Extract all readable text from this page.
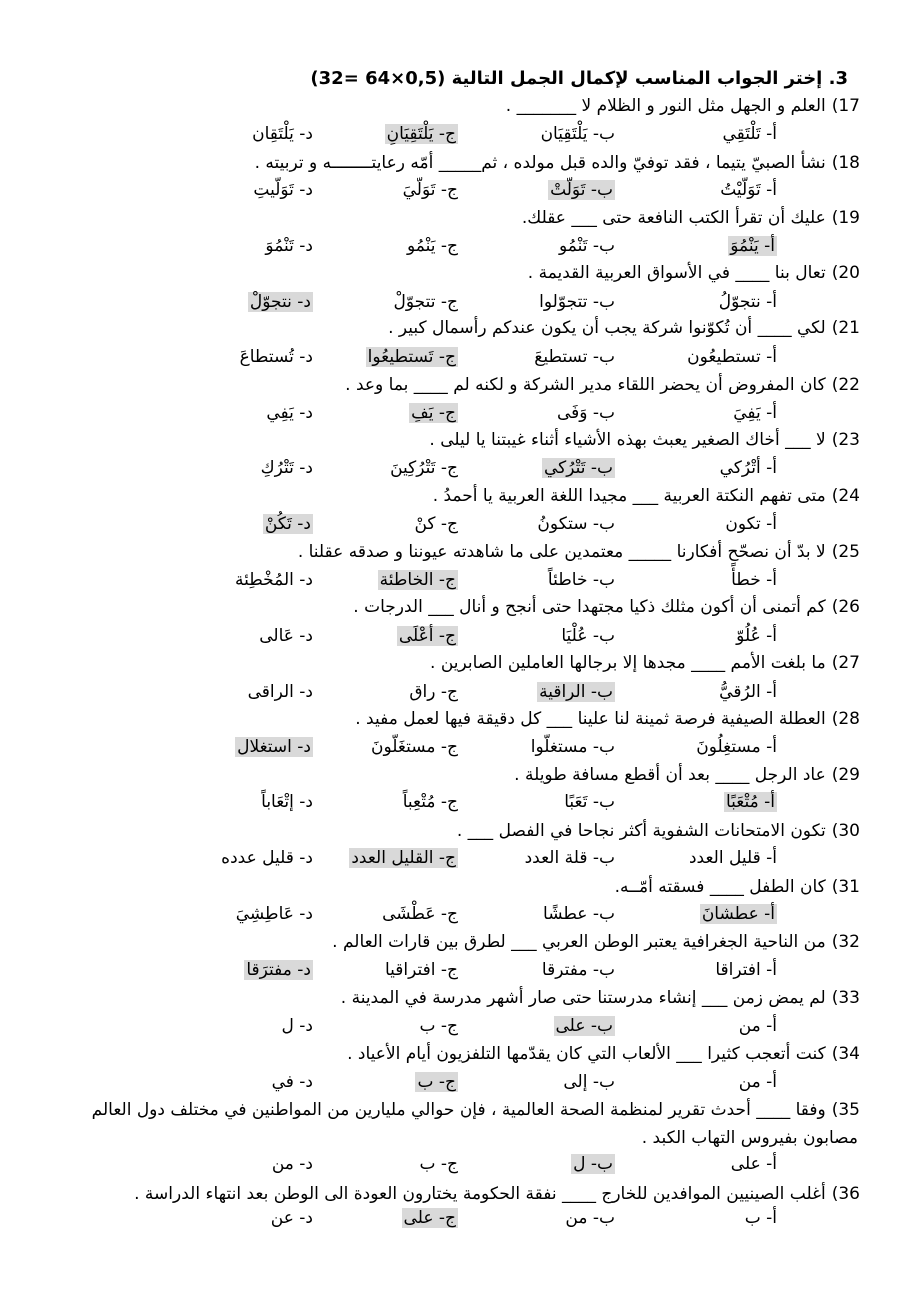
3. إختر الجواب المناسب لإكمال الجمل التالية (0,5×64 =32)
17)العلم و الجهل مثل النور و الظلام لا _______ .
أ- تَلْتَقِي
ب- يَلْتَقِيَان
ج- يَلْتَقِيَانِ
د- يَلْتَقِان
18)نشأ الصبيّ يتيما ، فقد توفيّ والده قبل مولده ، ثم_____ أمّه رعايتــــــــه و تربيته .
أ- تَوَلّيْتُ
ب- تَوَلّتْ
ج- تَوَلّيَ
د- تَوَلّيتِ
19)عليك أن تقرأ الكتب النافعة حتى ___ عقلك.
أ- يَنْمُوَ
ب- تَنْمُو
ج- يَنْمُو
د- تَنْمُوَ
20)تعال بنا ____ في الأسواق العربية القديمة .
أ- نتجوّلُ
ب- تتجوّلوا
ج- تتجوّلْ
د- نتجوّلْ
21)لكي ____ أن تُكوّنوا شركة يجب أن يكون عندكم رأسمال كبير .
أ- تستطيعُون
ب- تستطيعَ
ج- تَستطيعُوا
د- تُستطاعَ
22)كان المفروض أن يحضر اللقاء مدير الشركة و لكنه لم ____ بما وعد .
أ- يَفِيَ
ب- وَفَى
ج- يَفِ
د- يَفِي
23)لا ___ أخاك الصغير يعبث بهذه الأشياء أثناء غيبتنا يا ليلى .
أ- أتْرُكي
ب- تَتْرُكي
ج- تَتْرُكِينَ
د- تَتْرُكِ
24)متى تفهم النكتة العربية ___ مجيدا اللغة العربية يا أحمدُ .
أ- تكون
ب- ستكونُ
ج- كنْ
د- تَكُنْ
25)لا بدّ أن نصحّح أفكارنا _____ معتمدين على ما شاهدته عيوننا و صدقه عقلنا .
أ- خطأً
ب- خاطئاً
ج- الخاطئة
د- المُخْطِئة
26)كم أتمنى أن أكون مثلك ذكيا مجتهدا حتى أنجح و أنال ___ الدرجات .
أ- عُلُوّ
ب- عُلْيَا
ج- أعْلَى
د- عَالى
27)ما بلغت الأمم ____ مجدها إلا برجالها العاملين الصابرين .
أ- الرُقيُّ
ب- الراقية
ج- راق
د- الراقى
28)العطلة الصيفية فرصة ثمينة لنا علينا ___ كل دقيقة فيها لعمل مفيد .
أ- مستغِلُونَ
ب- مستغلّوا
ج- مستغَلّونَ
د- استغلال
29)عاد الرجل ____ بعد أن أقطع مسافة طويلة .
أ- مُتْعَبًا
ب- تَعَبًا
ج- مُتْعِباً
د- إتْعَاباً
30)تكون الامتحانات الشفوية أكثر نجاحا في الفصل ___ .
أ- قليل العدد
ب- قلة العدد
ج- القليل العدد
د- قليل عدده
31)كان الطفل ____ فسقته أمّــه.
أ- عطشانَ
ب- عطشًا
ج- عَطْشَى
د- عَاطِشِيَ
32)من الناحية الجغرافية يعتبر الوطن العربي ___ لطرق بين قارات العالم .
أ- افتراقا
ب- مفترقا
ج- افتراقيا
د- مفترَقا
33)لم يمض زمن ___ إنشاء مدرستنا حتى صار أشهر مدرسة في المدينة .
أ- من
ب- على
ج- ب
د- ل
34)كنت أتعجب كثيرا ___ الألعاب التي كان يقدّمها التلفزيون أيام الأعياد .
أ- من
ب- إلى
ج- ب
د- في
35)وفقا ____ أحدث تقرير لمنظمة الصحة العالمية ، فإن حوالي مليارين من المواطنين في مختلف دول العالم
مصابون بفيروس التهاب الكبد .
أ- على
ب- ل
ج- ب
د- من
36)أغلب الصينيين الموافدين للخارج ____ نفقة الحكومة يختارون العودة الى الوطن بعد انتهاء الدراسة .
أ- ب
ب- من
ج- على
د- عن
